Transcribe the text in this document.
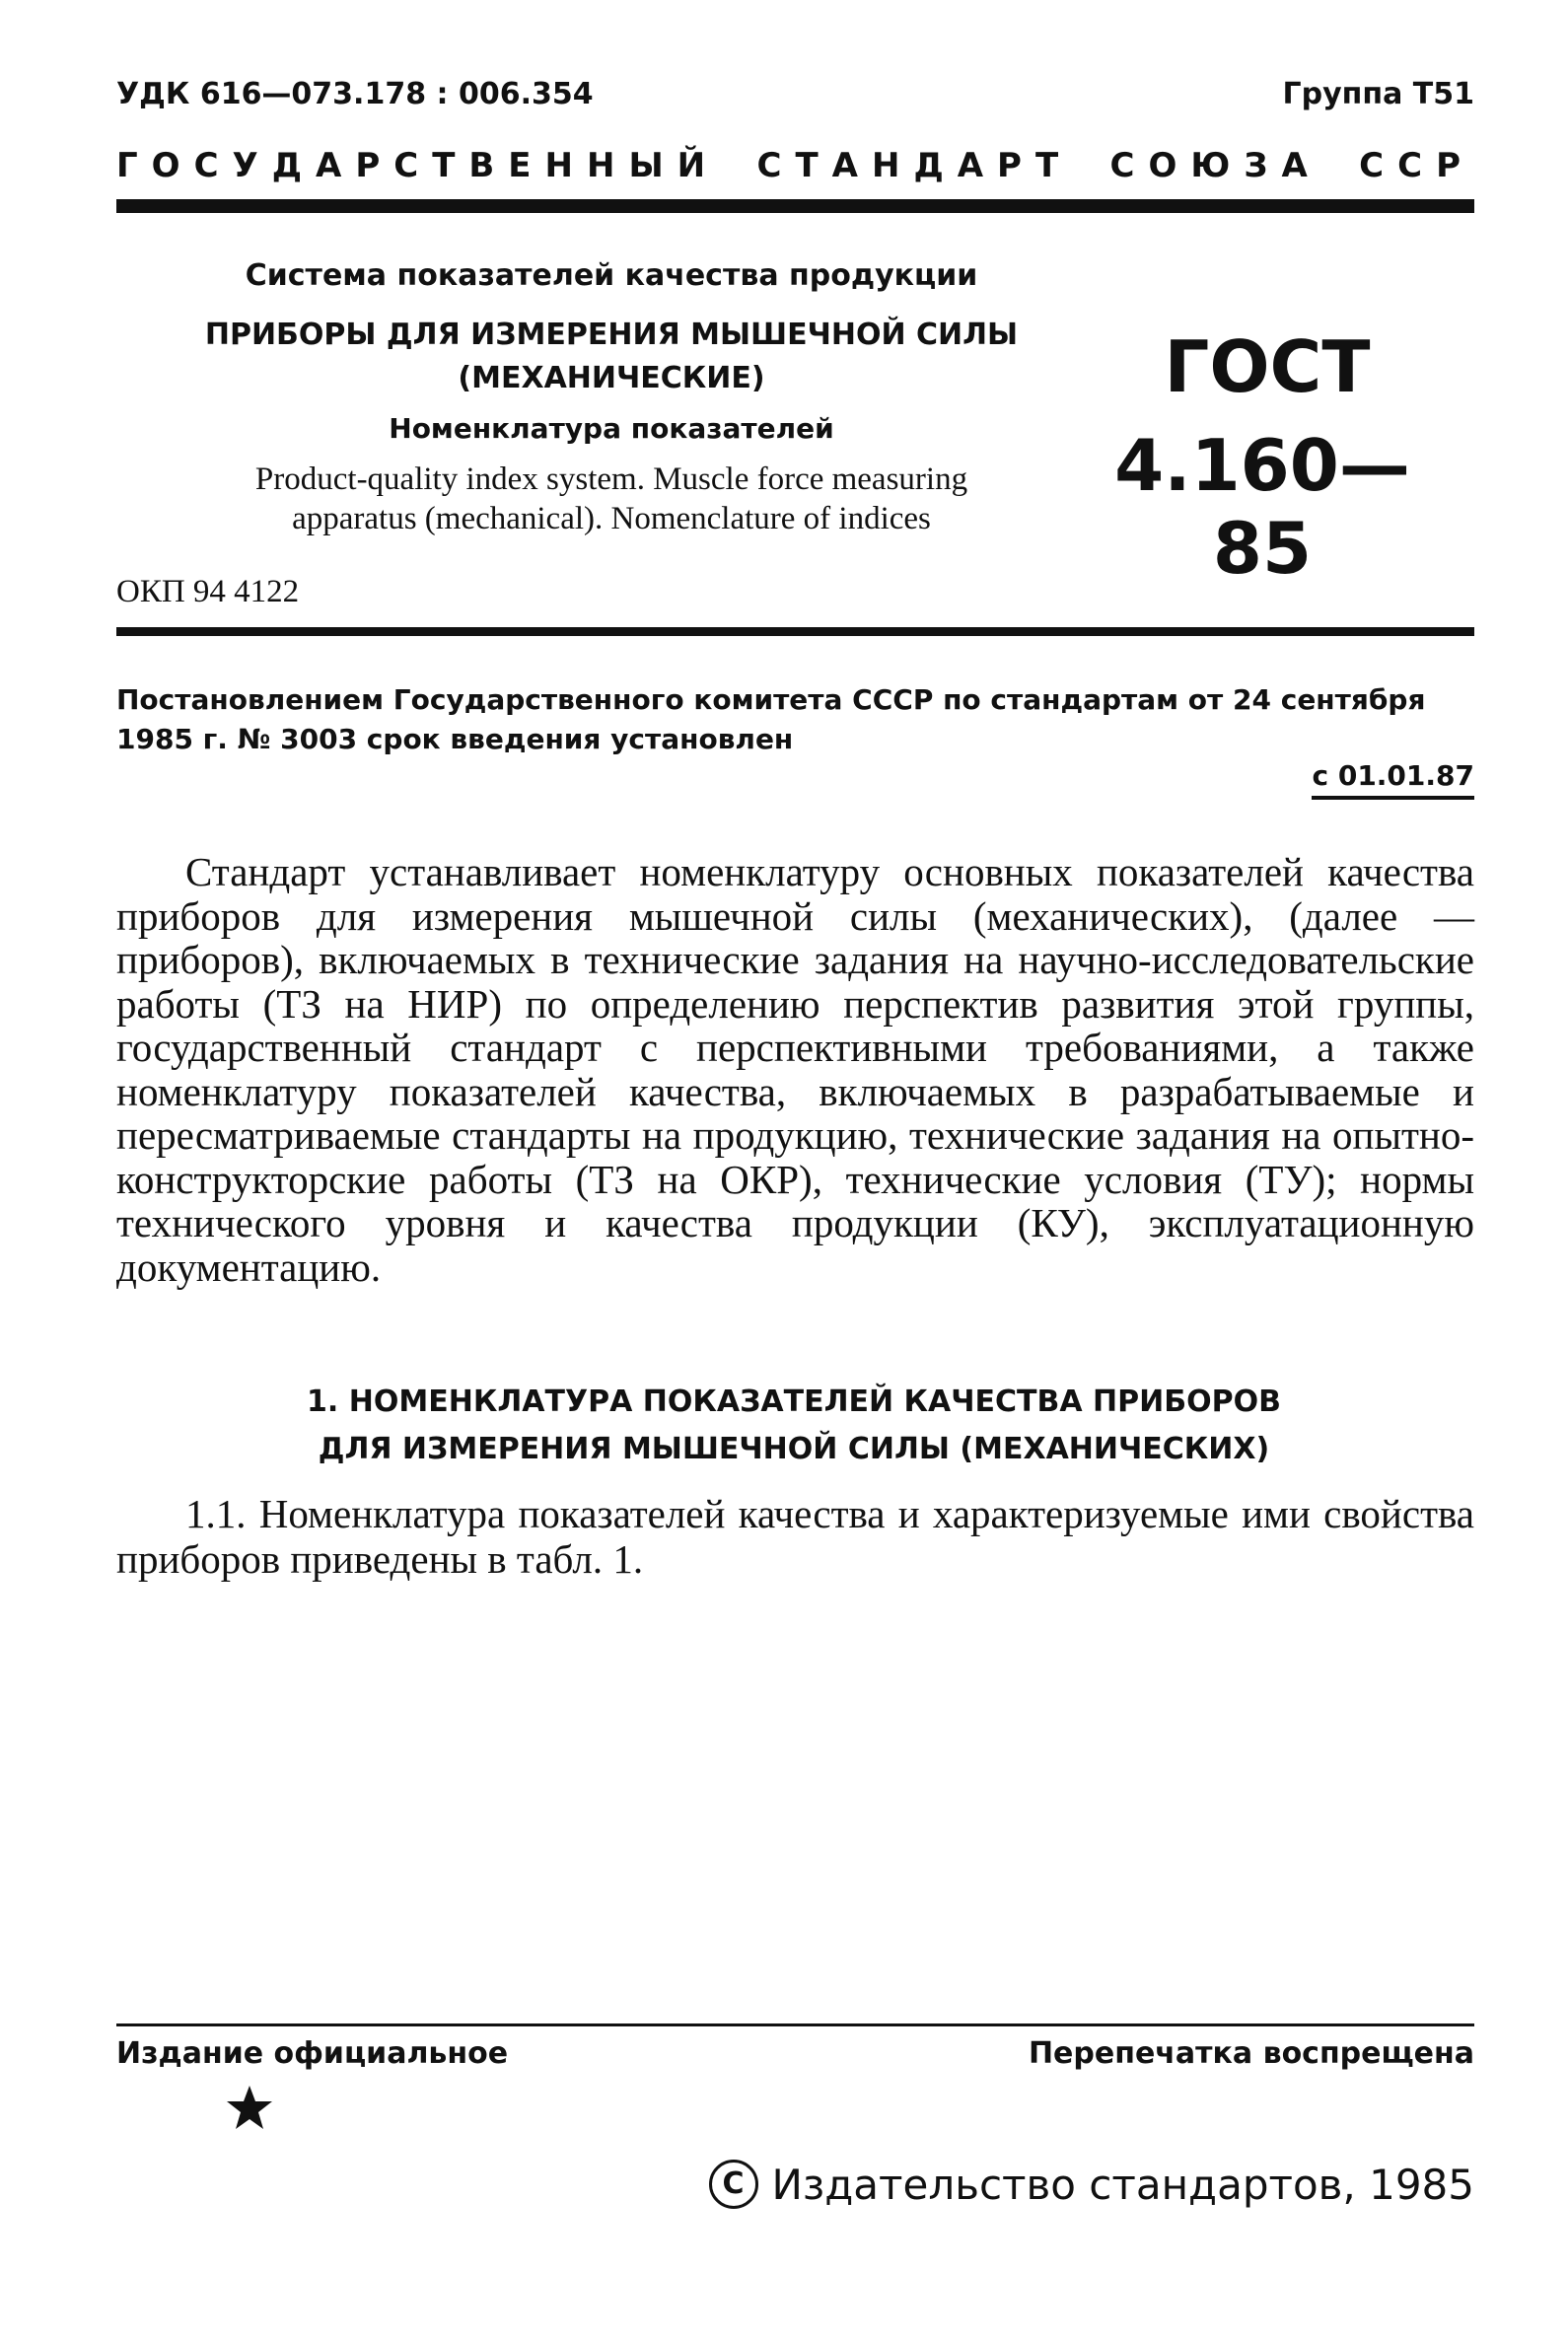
УДК 616—073.178 : 006.354	Группа Т51
ГОСУДАРСТВЕННЫЙ СТАНДАРТ СОЮЗА ССР
Система показателей качества продукции
ПРИБОРЫ ДЛЯ ИЗМЕРЕНИЯ МЫШЕЧНОЙ СИЛЫ
(МЕХАНИЧЕСКИЕ)
Номенклатура показателей
Product-quality index system. Muscle force measuring
apparatus (mechanical). Nomenclature of indices
ГОСТ
4.160—85
ОКП 94 4122
Постановлением Государственного комитета СССР по стандартам от 24 сентября 1985 г. № 3003 срок введения установлен
с 01.01.87
Стандарт устанавливает номенклатуру основных показателей качества приборов для измерения мышечной силы (механических), (далее — приборов), включаемых в технические задания на научно-исследовательские работы (ТЗ на НИР) по определению перспектив развития этой группы, государственный стандарт с перспективными требованиями, а также номенклатуру показателей качества, включаемых в разрабатываемые и пересматриваемые стандарты на продукцию, технические задания на опытно-конструкторские работы (ТЗ на ОКР), технические условия (ТУ); нормы технического уровня и качества продукции (КУ), эксплуатационную документацию.
1. НОМЕНКЛАТУРА ПОКАЗАТЕЛЕЙ КАЧЕСТВА ПРИБОРОВ
ДЛЯ ИЗМЕРЕНИЯ МЫШЕЧНОЙ СИЛЫ (МЕХАНИЧЕСКИХ)
1.1. Номенклатура показателей качества и характеризуемые ими свойства приборов приведены в табл. 1.
Издание официальное	Перепечатка воспрещена
C Издательство стандартов, 1985
